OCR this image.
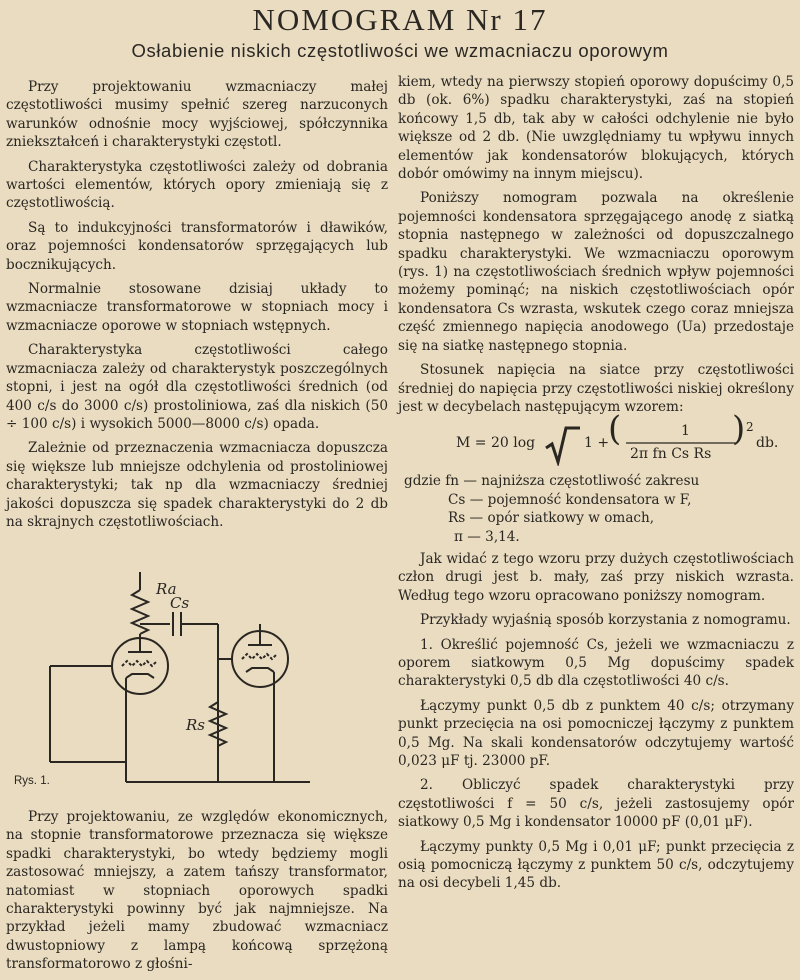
NOMOGRAM Nr 17
Osłabienie niskich częstotliwości we wzmacniaczu oporowym

Przy projektowaniu wzmacniaczy małej częstotliwości musimy spełnić szereg narzuconych warunków odnośnie mocy wyjściowej, spółczynnika zniekształceń i charakterystyki częstotl.

Charakterystyka częstotliwości zależy od dobrania wartości elementów, których opory zmieniają się z częstotliwością.

Są to indukcyjności transformatorów i dławików, oraz pojemności kondensatorów sprzęgających lub bocznikujących.

Normalnie stosowane dzisiaj układy to wzmacniacze transformatorowe w stopniach mocy i wzmacniacze oporowe w stopniach wstępnych.

Charakterystyka częstotliwości całego wzmacniacza zależy od charakterystyk poszczególnych stopni, i jest na ogół dla częstotliwości średnich (od 400 c/s do 3000 c/s) prostoliniowa, zaś dla niskich (50 ÷ 100 c/s) i wysokich 5000—8000 c/s) opada.

Zależnie od przeznaczenia wzmacniacza dopuszcza się większe lub mniejsze odchylenia od prostoliniowej charakterystyki; tak np dla wzmacniaczy średniej jakości dopuszcza się spadek charakterystyki do 2 db na skrajnych częstotliwościach.

Ra
Cs
Rs
Rys. 1.

Przy projektowaniu, ze względów ekonomicznych, na stopnie transformatorowe przeznacza się większe spadki charakterystyki, bo wtedy będziemy mogli zastosować mniejszy, a zatem tańszy transformator, natomiast w stopniach oporowych spadki charakterystyki powinny być jak najmniejsze. Na przykład jeżeli mamy zbudować wzmacniacz dwustopniowy z lampą końcową sprzężoną transformatorowo z głośni-

kiem, wtedy na pierwszy stopień oporowy dopuścimy 0,5 db (ok. 6%) spadku charakterystyki, zaś na stopień końcowy 1,5 db, tak aby w całości odchylenie nie było większe od 2 db. (Nie uwzględniamy tu wpływu innych elementów jak kondensatorów blokujących, których dobór omówimy na innym miejscu).

Poniższy nomogram pozwala na określenie pojemności kondensatora sprzęgającego anodę z siatką stopnia następnego w zależności od dopuszczalnego spadku charakterystyki. We wzmacniaczu oporowym (rys. 1) na częstotliwościach średnich wpływ pojemności możemy pominąć; na niskich częstotliwościach opór kondensatora Cs wzrasta, wskutek czego coraz mniejsza część zmiennego napięcia anodowego (Ua) przedostaje się na siatkę następnego stopnia.

Stosunek napięcia na siatce przy częstotliwości średniej do napięcia przy częstotliwości niskiej określony jest w decybelach następującym wzorem:

M = 20 log	1 +
(	1
2π fn Cs Rs
) 2
db.
gdzie fn — najniższa częstotliwość zakresu
Cs — pojemność kondensatora w F,
Rs — opór siatkowy w omach,
π — 3,14.

Jak widać z tego wzoru przy dużych częstotliwościach człon drugi jest b. mały, zaś przy niskich wzrasta. Według tego wzoru opracowano poniższy nomogram.

Przykłady wyjaśnią sposób korzystania z nomogramu.

1. Określić pojemność Cs, jeżeli we wzmacniaczu z oporem siatkowym 0,5 Mg dopuścimy spadek charakterystyki 0,5 db dla częstotliwości 40 c/s.

Łączymy punkt 0,5 db z punktem 40 c/s; otrzymany punkt przecięcia na osi pomocniczej łączymy z punktem 0,5 Mg. Na skali kondensatorów odczytujemy wartość 0,023 μF tj. 23000 pF.

2. Obliczyć spadek charakterystyki przy częstotliwości f = 50 c/s, jeżeli zastosujemy opór siatkowy 0,5 Mg i kondensator 10000 pF (0,01 μF).

Łączymy punkty 0,5 Mg i 0,01 μF; punkt przecięcia z osią pomocniczą łączymy z punktem 50 c/s, odczytujemy na osi decybeli 1,45 db.
